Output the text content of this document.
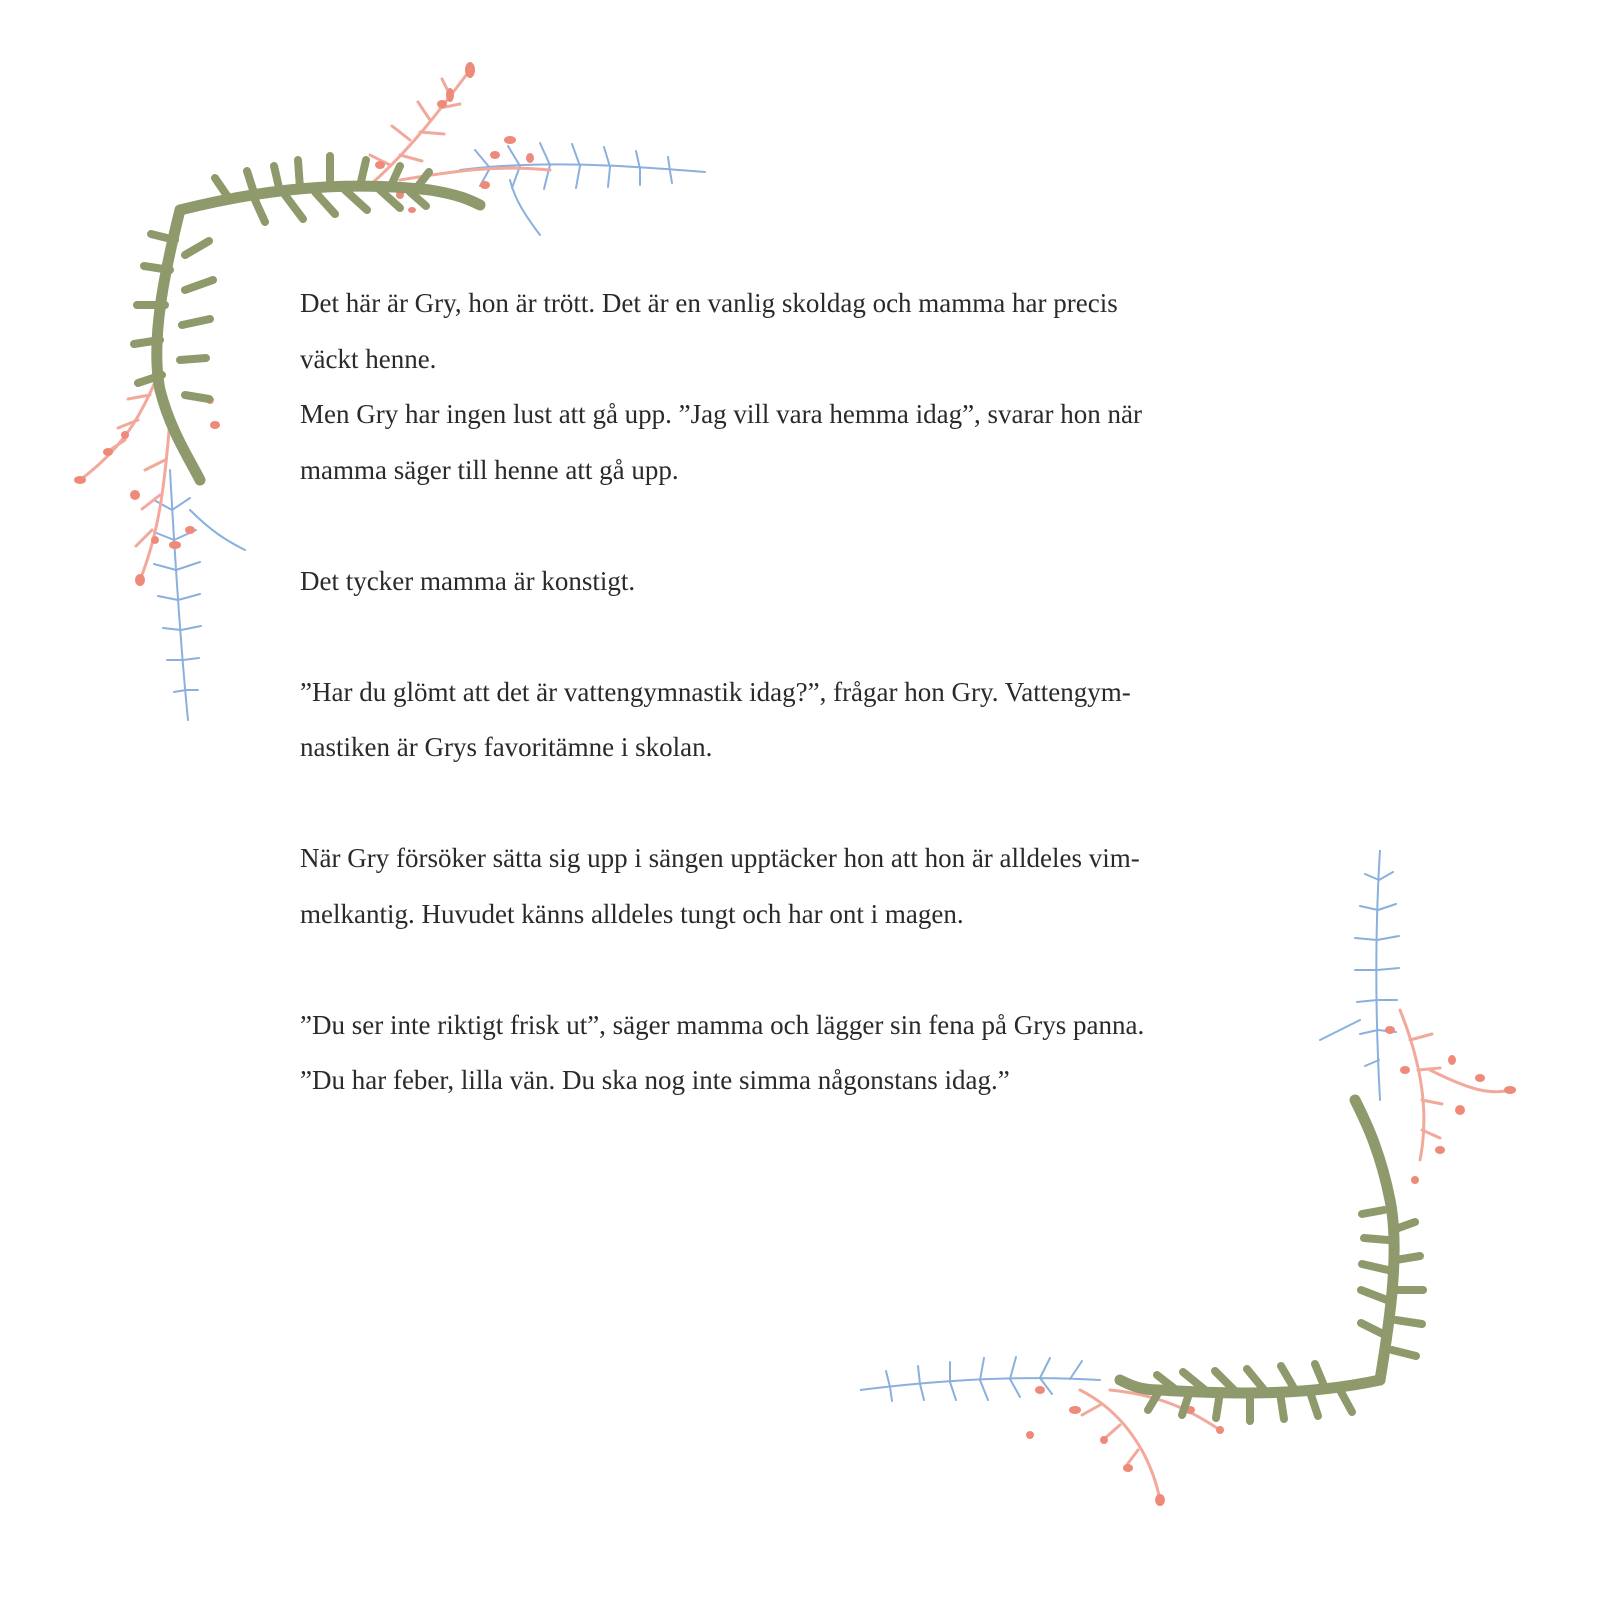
Det här är Gry, hon är trött. Det är en vanlig skoldag och mamma har precis
väckt henne.
Men Gry har ingen lust att gå upp. ”Jag vill vara hemma idag”, svarar hon när
mamma säger till henne att gå upp.

Det tycker mamma är konstigt.

”Har du glömt att det är vattengymnastik idag?”, frågar hon Gry. Vattengym-
nastiken är Grys favoritämne i skolan.

När Gry försöker sätta sig upp i sängen upptäcker hon att hon är alldeles vim-
melkantig. Huvudet känns alldeles tungt och har ont i magen.

”Du ser inte riktigt frisk ut”, säger mamma och lägger sin fena på Grys panna.
”Du har feber, lilla vän. Du ska nog inte simma någonstans idag.”
